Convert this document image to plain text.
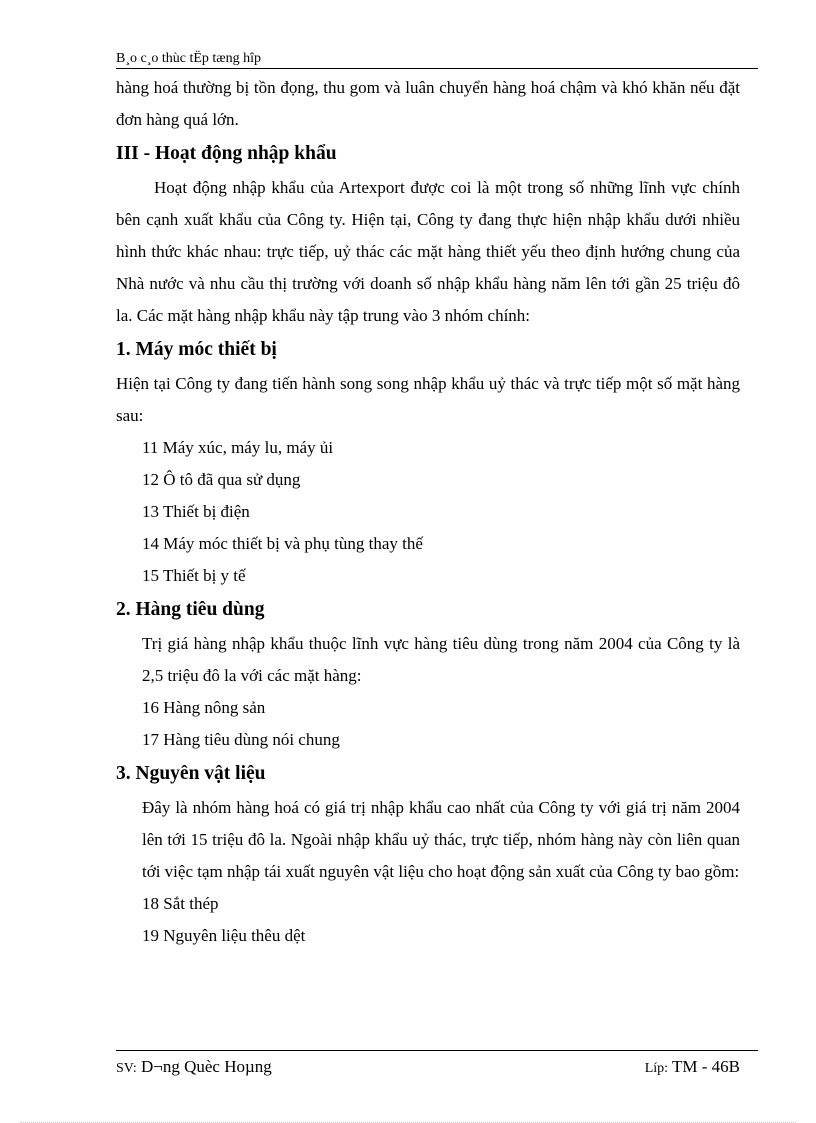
B¸o c¸o thùc tËp tæng hîp

hàng hoá thường bị tồn đọng, thu gom và luân chuyển hàng hoá chậm và khó khăn nếu đặt đơn hàng quá lớn.

III - Hoạt động nhập khẩu

Hoạt động nhập khẩu của Artexport được coi là một trong số những lĩnh vực chính bên cạnh xuất khẩu của Công ty. Hiện tại, Công ty đang thực hiện nhập khẩu dưới nhiều hình thức khác nhau: trực tiếp, uỷ thác các mặt hàng thiết yếu theo định hướng chung của Nhà nước và nhu cầu thị trường với doanh số nhập khẩu hàng năm lên tới gần 25 triệu đô la. Các mặt hàng nhập khẩu này tập trung vào 3 nhóm chính:

1. Máy móc thiết bị

Hiện tại Công ty đang tiến hành song song nhập khẩu uỷ thác và trực tiếp một số mặt hàng sau:

11 Máy xúc, máy lu, máy ủi

12 Ô tô đã qua sử dụng

13 Thiết bị điện

14 Máy móc thiết bị và phụ tùng thay thế

15 Thiết bị y tế

2. Hàng tiêu dùng

Trị giá hàng nhập khẩu thuộc lĩnh vực hàng tiêu dùng trong năm 2004 của Công ty là 2,5 triệu đô la với các mặt hàng:

16 Hàng nông sản

17 Hàng tiêu dùng nói chung

3. Nguyên vật liệu

Đây là nhóm hàng hoá có giá trị nhập khẩu cao nhất của Công ty với giá trị năm 2004 lên tới 15 triệu đô la. Ngoài nhập khẩu uỷ thác, trực tiếp, nhóm hàng này còn liên quan tới việc tạm nhập tái xuất nguyên vật liệu cho hoạt động sản xuất của Công ty bao gồm:

18 Sắt thép

19 Nguyên liệu thêu dệt

SV: D¬ng Quèc Hoµng	Líp: TM - 46B
